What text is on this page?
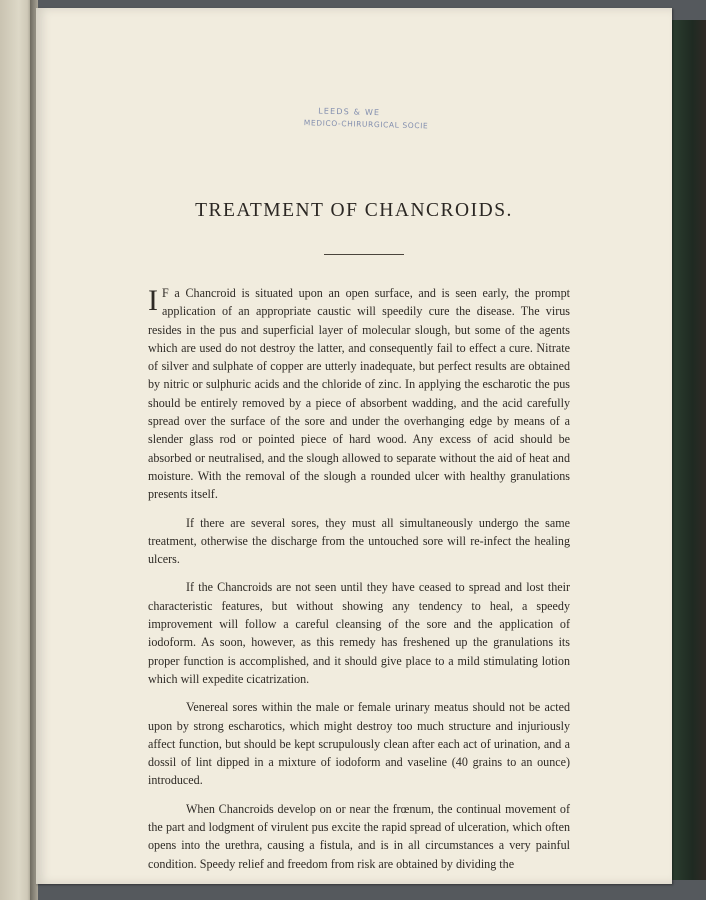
LEEDS & WE
MEDICO-CHIRURGICAL SOCIE
TREATMENT OF CHANCROIDS.

I F a Chancroid is situated upon an open surface, and is seen early, the prompt application of an appropriate caustic will speedily cure the disease. The virus resides in the pus and superficial layer of molecular slough, but some of the agents which are used do not destroy the latter, and consequently fail to effect a cure. Nitrate of silver and sulphate of copper are utterly inadequate, but perfect results are obtained by nitric or sulphuric acids and the chloride of zinc. In applying the escharotic the pus should be entirely removed by a piece of absorbent wadding, and the acid carefully spread over the surface of the sore and under the overhanging edge by means of a slender glass rod or pointed piece of hard wood. Any excess of acid should be absorbed or neutralised, and the slough allowed to separate without the aid of heat and moisture. With the removal of the slough a rounded ulcer with healthy granulations presents itself.

If there are several sores, they must all simultaneously undergo the same treatment, otherwise the discharge from the untouched sore will re-infect the healing ulcers.

If the Chancroids are not seen until they have ceased to spread and lost their characteristic features, but without showing any tendency to heal, a speedy improvement will follow a careful cleansing of the sore and the application of iodoform. As soon, however, as this remedy has freshened up the granulations its proper function is accomplished, and it should give place to a mild stimulating lotion which will expedite cicatrization.

Venereal sores within the male or female urinary meatus should not be acted upon by strong escharotics, which might destroy too much structure and injuriously affect function, but should be kept scrupulously clean after each act of urination, and a dossil of lint dipped in a mixture of iodoform and vaseline (40 grains to an ounce) introduced.

When Chancroids develop on or near the frœnum, the continual movement of the part and lodgment of virulent pus excite the rapid spread of ulceration, which often opens into the urethra, causing a fistula, and is in all circumstances a very painful condition. Speedy relief and freedom from risk are obtained by dividing the
